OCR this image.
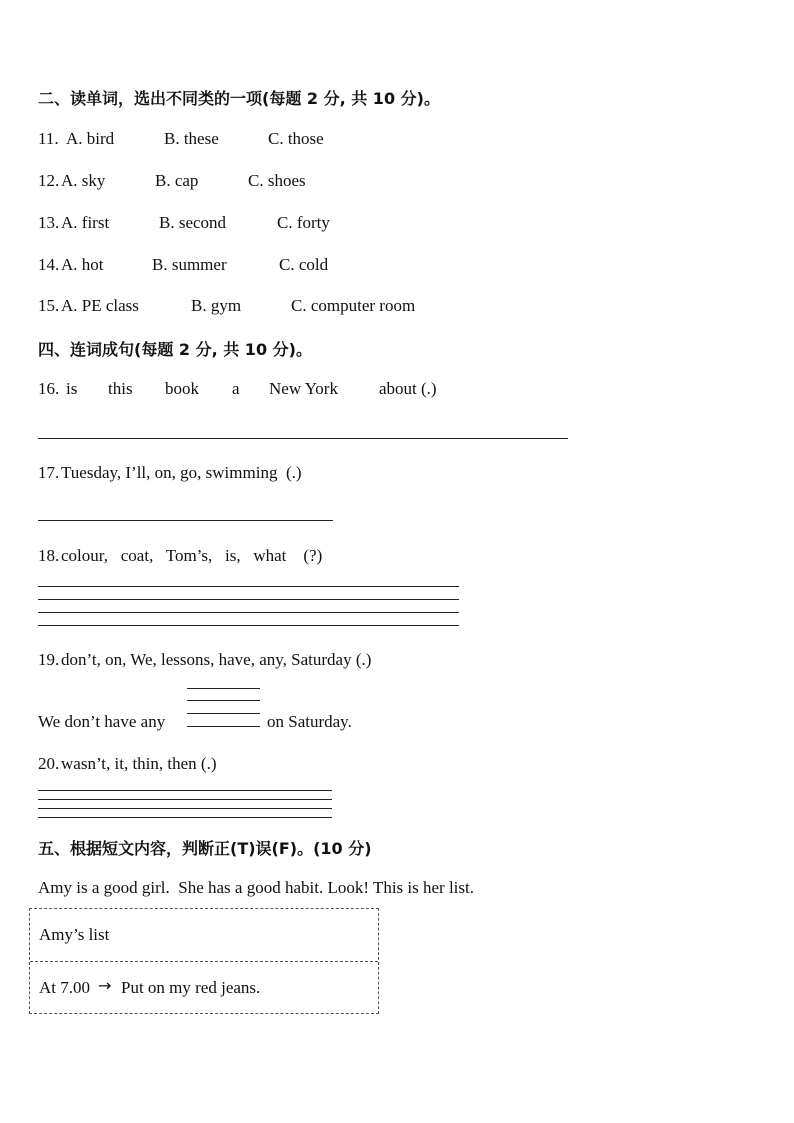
二、读单词，选出不同类的一项(每题 2 分, 共 10 分)。
11. A. bird	B. these	C. those
12. A. sky	B. cap	C. shoes
13. A. first	B. second	C. forty
14. A. hot	B. summer	C. cold
15. A. PE class	B. gym	C. computer room
四、连词成句(每题 2 分, 共 10 分)。
16. is this book a New York about (.)
17. Tuesday, I’ll, on, go, swimming  (.)
18. colour,   coat,   Tom’s,   is,   what    (?)
19. don’t, on, We, lessons, have, any, Saturday (.)
We don’t have any	on Saturday.
20. wasn’t, it, thin, then (.)
五、根据短文内容，判断正(T)误(F)。(10 分)
Amy is a good girl.  She has a good habit. Look! This is her list.
Amy’s list
At 7.00 → Put on my red jeans.
